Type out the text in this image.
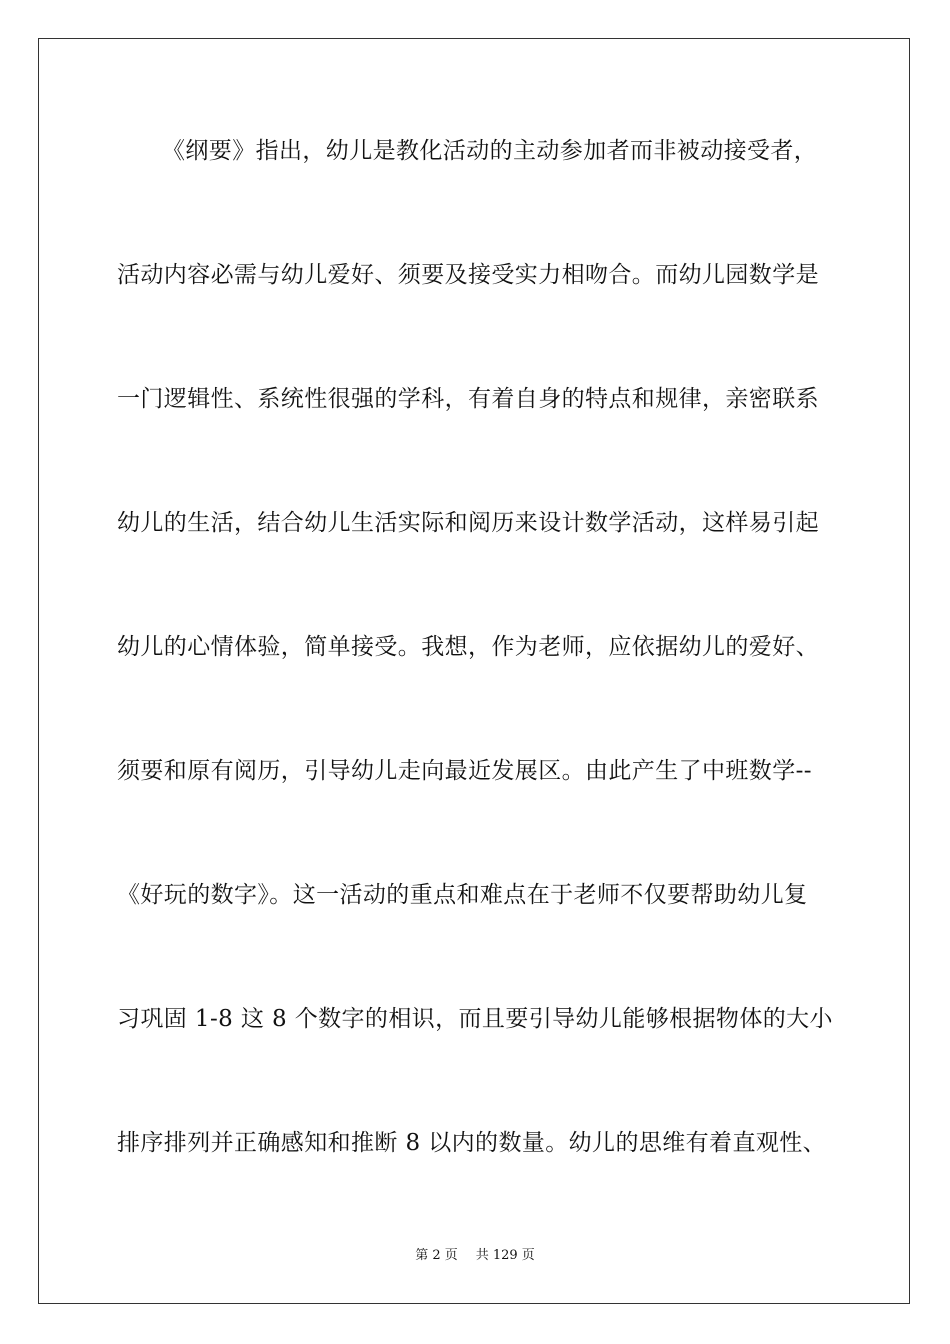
《纲要》指出，幼儿是教化活动的主动参加者而非被动接受者，
活动内容必需与幼儿爱好、须要及接受实力相吻合。而幼儿园数学是
一门逻辑性、系统性很强的学科，有着自身的特点和规律，亲密联系
幼儿的生活，结合幼儿生活实际和阅历来设计数学活动，这样易引起
幼儿的心情体验，简单接受。我想，作为老师，应依据幼儿的爱好、
须要和原有阅历，引导幼儿走向最近发展区。由此产生了中班数学--
《好玩的数字》。这一活动的重点和难点在于老师不仅要帮助幼儿复
习巩固 1-8 这 8 个数字的相识，而且要引导幼儿能够根据物体的大小
排序排列并正确感知和推断 8 以内的数量。幼儿的思维有着直观性、
第 2 页 共 129 页
